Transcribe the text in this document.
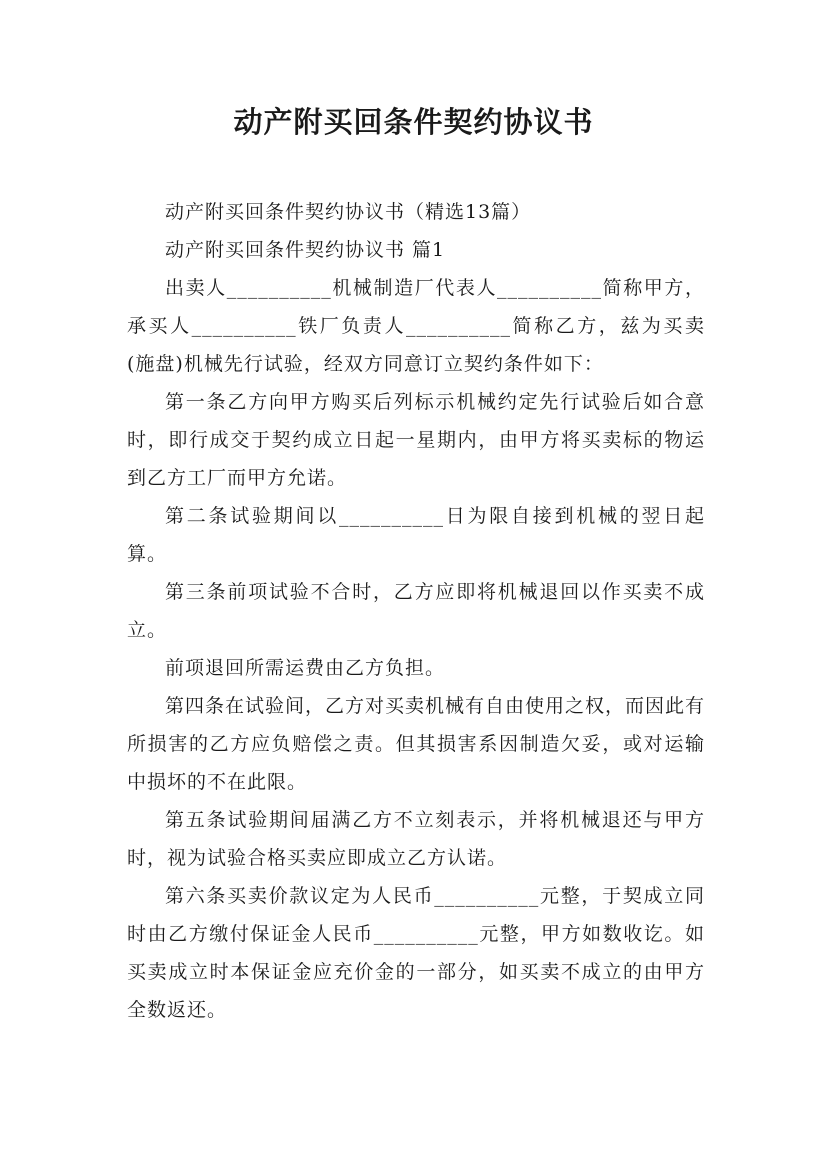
动产附买回条件契约协议书

动产附买回条件契约协议书（精选13篇）

动产附买回条件契约协议书 篇1

出卖人__________机械制造厂代表人__________简称甲方，承买人__________铁厂负责人__________简称乙方，兹为买卖(施盘)机械先行试验，经双方同意订立契约条件如下：

第一条乙方向甲方购买后列标示机械约定先行试验后如合意时，即行成交于契约成立日起一星期内，由甲方将买卖标的物运到乙方工厂而甲方允诺。

第二条试验期间以__________日为限自接到机械的翌日起算。

第三条前项试验不合时，乙方应即将机械退回以作买卖不成立。

前项退回所需运费由乙方负担。

第四条在试验间，乙方对买卖机械有自由使用之权，而因此有所损害的乙方应负赔偿之责。但其损害系因制造欠妥，或对运输中损坏的不在此限。

第五条试验期间届满乙方不立刻表示，并将机械退还与甲方时，视为试验合格买卖应即成立乙方认诺。

第六条买卖价款议定为人民币__________元整，于契成立同时由乙方缴付保证金人民币__________元整，甲方如数收讫。如买卖成立时本保证金应充价金的一部分，如买卖不成立的由甲方全数返还。
